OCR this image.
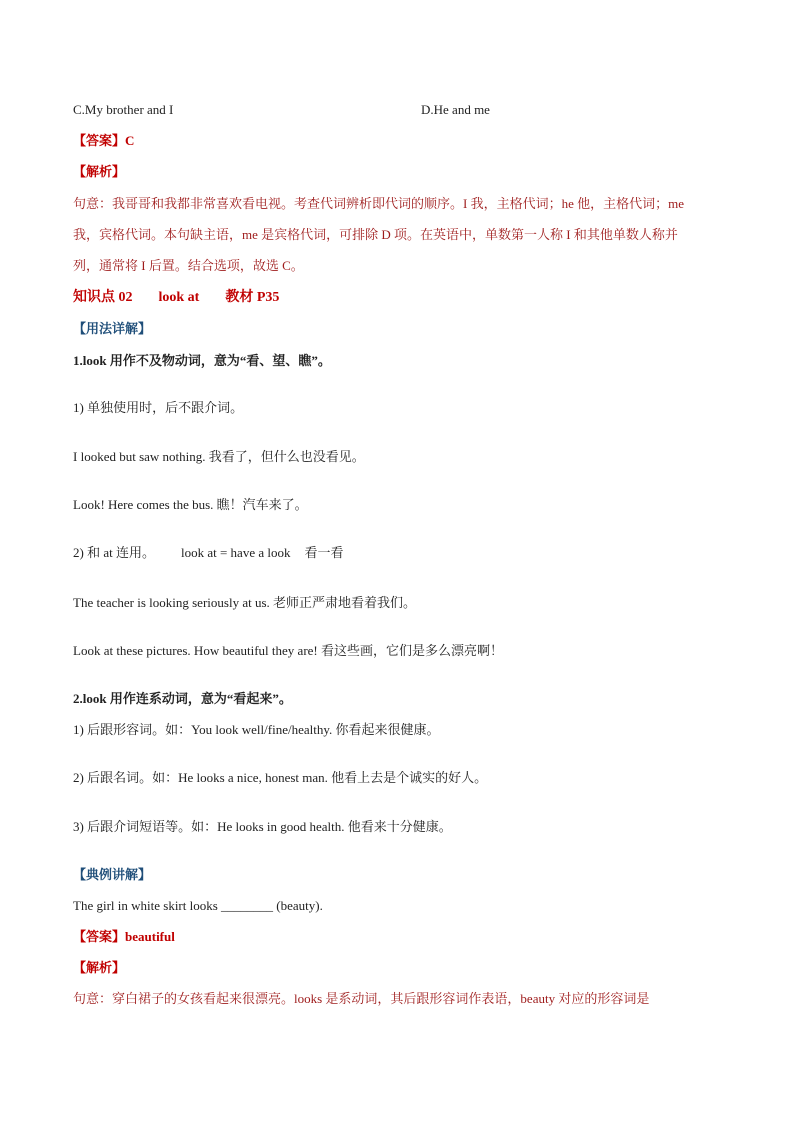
C.My brother and I	D.He and me
【答案】C
【解析】
句意：我哥哥和我都非常喜欢看电视。考查代词辨析即代词的顺序。I 我，主格代词；he 他，主格代词；me
我，宾格代词。本句缺主语，me 是宾格代词，可排除 D 项。在英语中，单数第一人称 I 和其他单数人称并
列，通常将 I 后置。结合选项，故选 C。
知识点 02 look at 教材 P35
【用法详解】
1.look 用作不及物动词，意为“看、望、瞧”。
1) 单独使用时，后不跟介词。
I looked but saw nothing. 我看了，但什么也没看见。
Look! Here comes the bus. 瞧！汽车来了。
2) 和 at 连用。 look at = have a look 看一看
The teacher is looking seriously at us. 老师正严肃地看着我们。
Look at these pictures. How beautiful they are! 看这些画，它们是多么漂亮啊！
2.look 用作连系动词，意为“看起来”。
1) 后跟形容词。如：You look well/fine/healthy. 你看起来很健康。
2) 后跟名词。如：He looks a nice, honest man. 他看上去是个诚实的好人。
3) 后跟介词短语等。如：He looks in good health. 他看来十分健康。
【典例讲解】
The girl in white skirt looks ________ (beauty).
【答案】beautiful
【解析】
句意：穿白裙子的女孩看起来很漂亮。looks 是系动词，其后跟形容词作表语，beauty 对应的形容词是
